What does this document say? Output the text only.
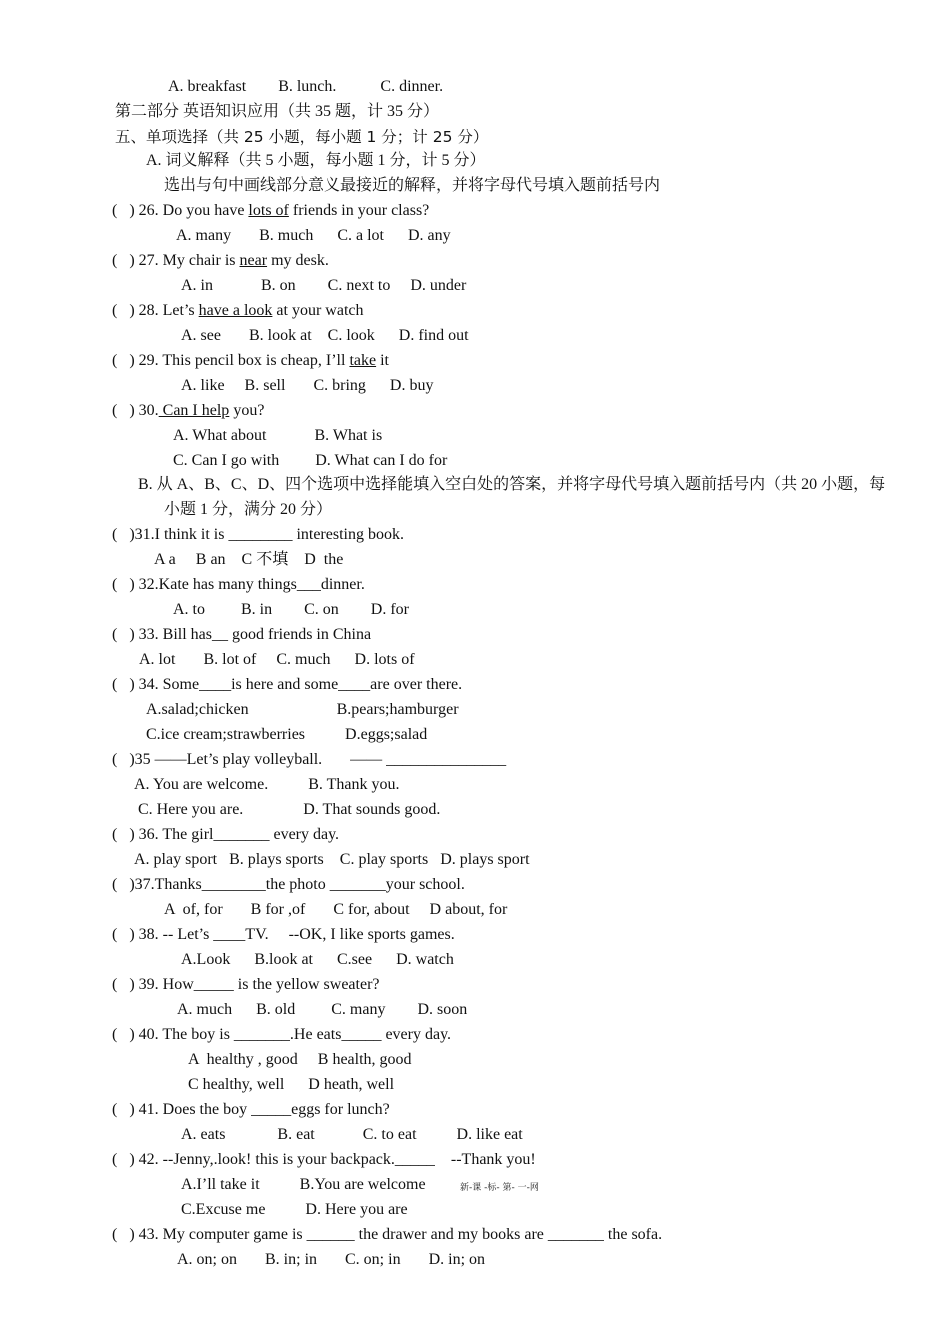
A. breakfast        B. lunch.           C. dinner.
第二部分 英语知识应用（共 35 题，计 35 分）
五、单项选择（共 25 小题，每小题 1 分；计 25 分）
A. 词义解释（共 5 小题，每小题 1 分，计 5 分）
选出与句中画线部分意义最接近的解释，并将字母代号填入题前括号内
(   ) 26. Do you have lots of friends in your class?
A. many       B. much      C. a lot      D. any
(   ) 27. My chair is near my desk.
A. in            B. on        C. next to     D. under
(   ) 28. Let’s have a look at your watch
A. see       B. look at    C. look      D. find out
(   ) 29. This pencil box is cheap, I’ll take it
A. like     B. sell       C. bring      D. buy
(   ) 30. Can I help you?
A. What about            B. What is
C. Can I go with         D. What can I do for
B. 从 A、B、C、D、四个选项中选择能填入空白处的答案，并将字母代号填入题前括号内（共 20 小题，每
小题 1 分，满分 20 分）
(   )31.I think it is ________ interesting book.
A a     B an    C 不填    D  the
(   ) 32.Kate has many things___dinner.
A. to         B. in        C. on        D. for
(   ) 33. Bill has__ good friends in China
A. lot       B. lot of     C. much      D. lots of
(   ) 34. Some____is here and some____are over there.
A.salad;chicken                      B.pears;hamburger
C.ice cream;strawberries          D.eggs;salad
(   )35 ——Let’s play volleyball.       —— _______________
A. You are welcome.          B. Thank you.
C. Here you are.               D. That sounds good.
(   ) 36. The girl_______ every day.
A. play sport   B. plays sports    C. play sports   D. plays sport
(   )37.Thanks________the photo _______your school.
A  of, for       B for ,of       C for, about     D about, for
(   ) 38. -- Let’s ____TV.     --OK, I like sports games.
A.Look      B.look at      C.see      D. watch
(   ) 39. How_____ is the yellow sweater?
A. much      B. old         C. many        D. soon
(   ) 40. The boy is _______.He eats_____ every day.
A  healthy , good     B health, good
C healthy, well      D heath, well
(   ) 41. Does the boy _____eggs for lunch?
A. eats             B. eat            C. to eat          D. like eat
(   ) 42. --Jenny,.look! this is your backpack._____    --Thank you!
A.I’ll take it          B.You are welcome	新-课 -标- 第- 一-网
C.Excuse me          D. Here you are
(   ) 43. My computer game is ______ the drawer and my books are _______ the sofa.
A. on; on       B. in; in       C. on; in       D. in; on
